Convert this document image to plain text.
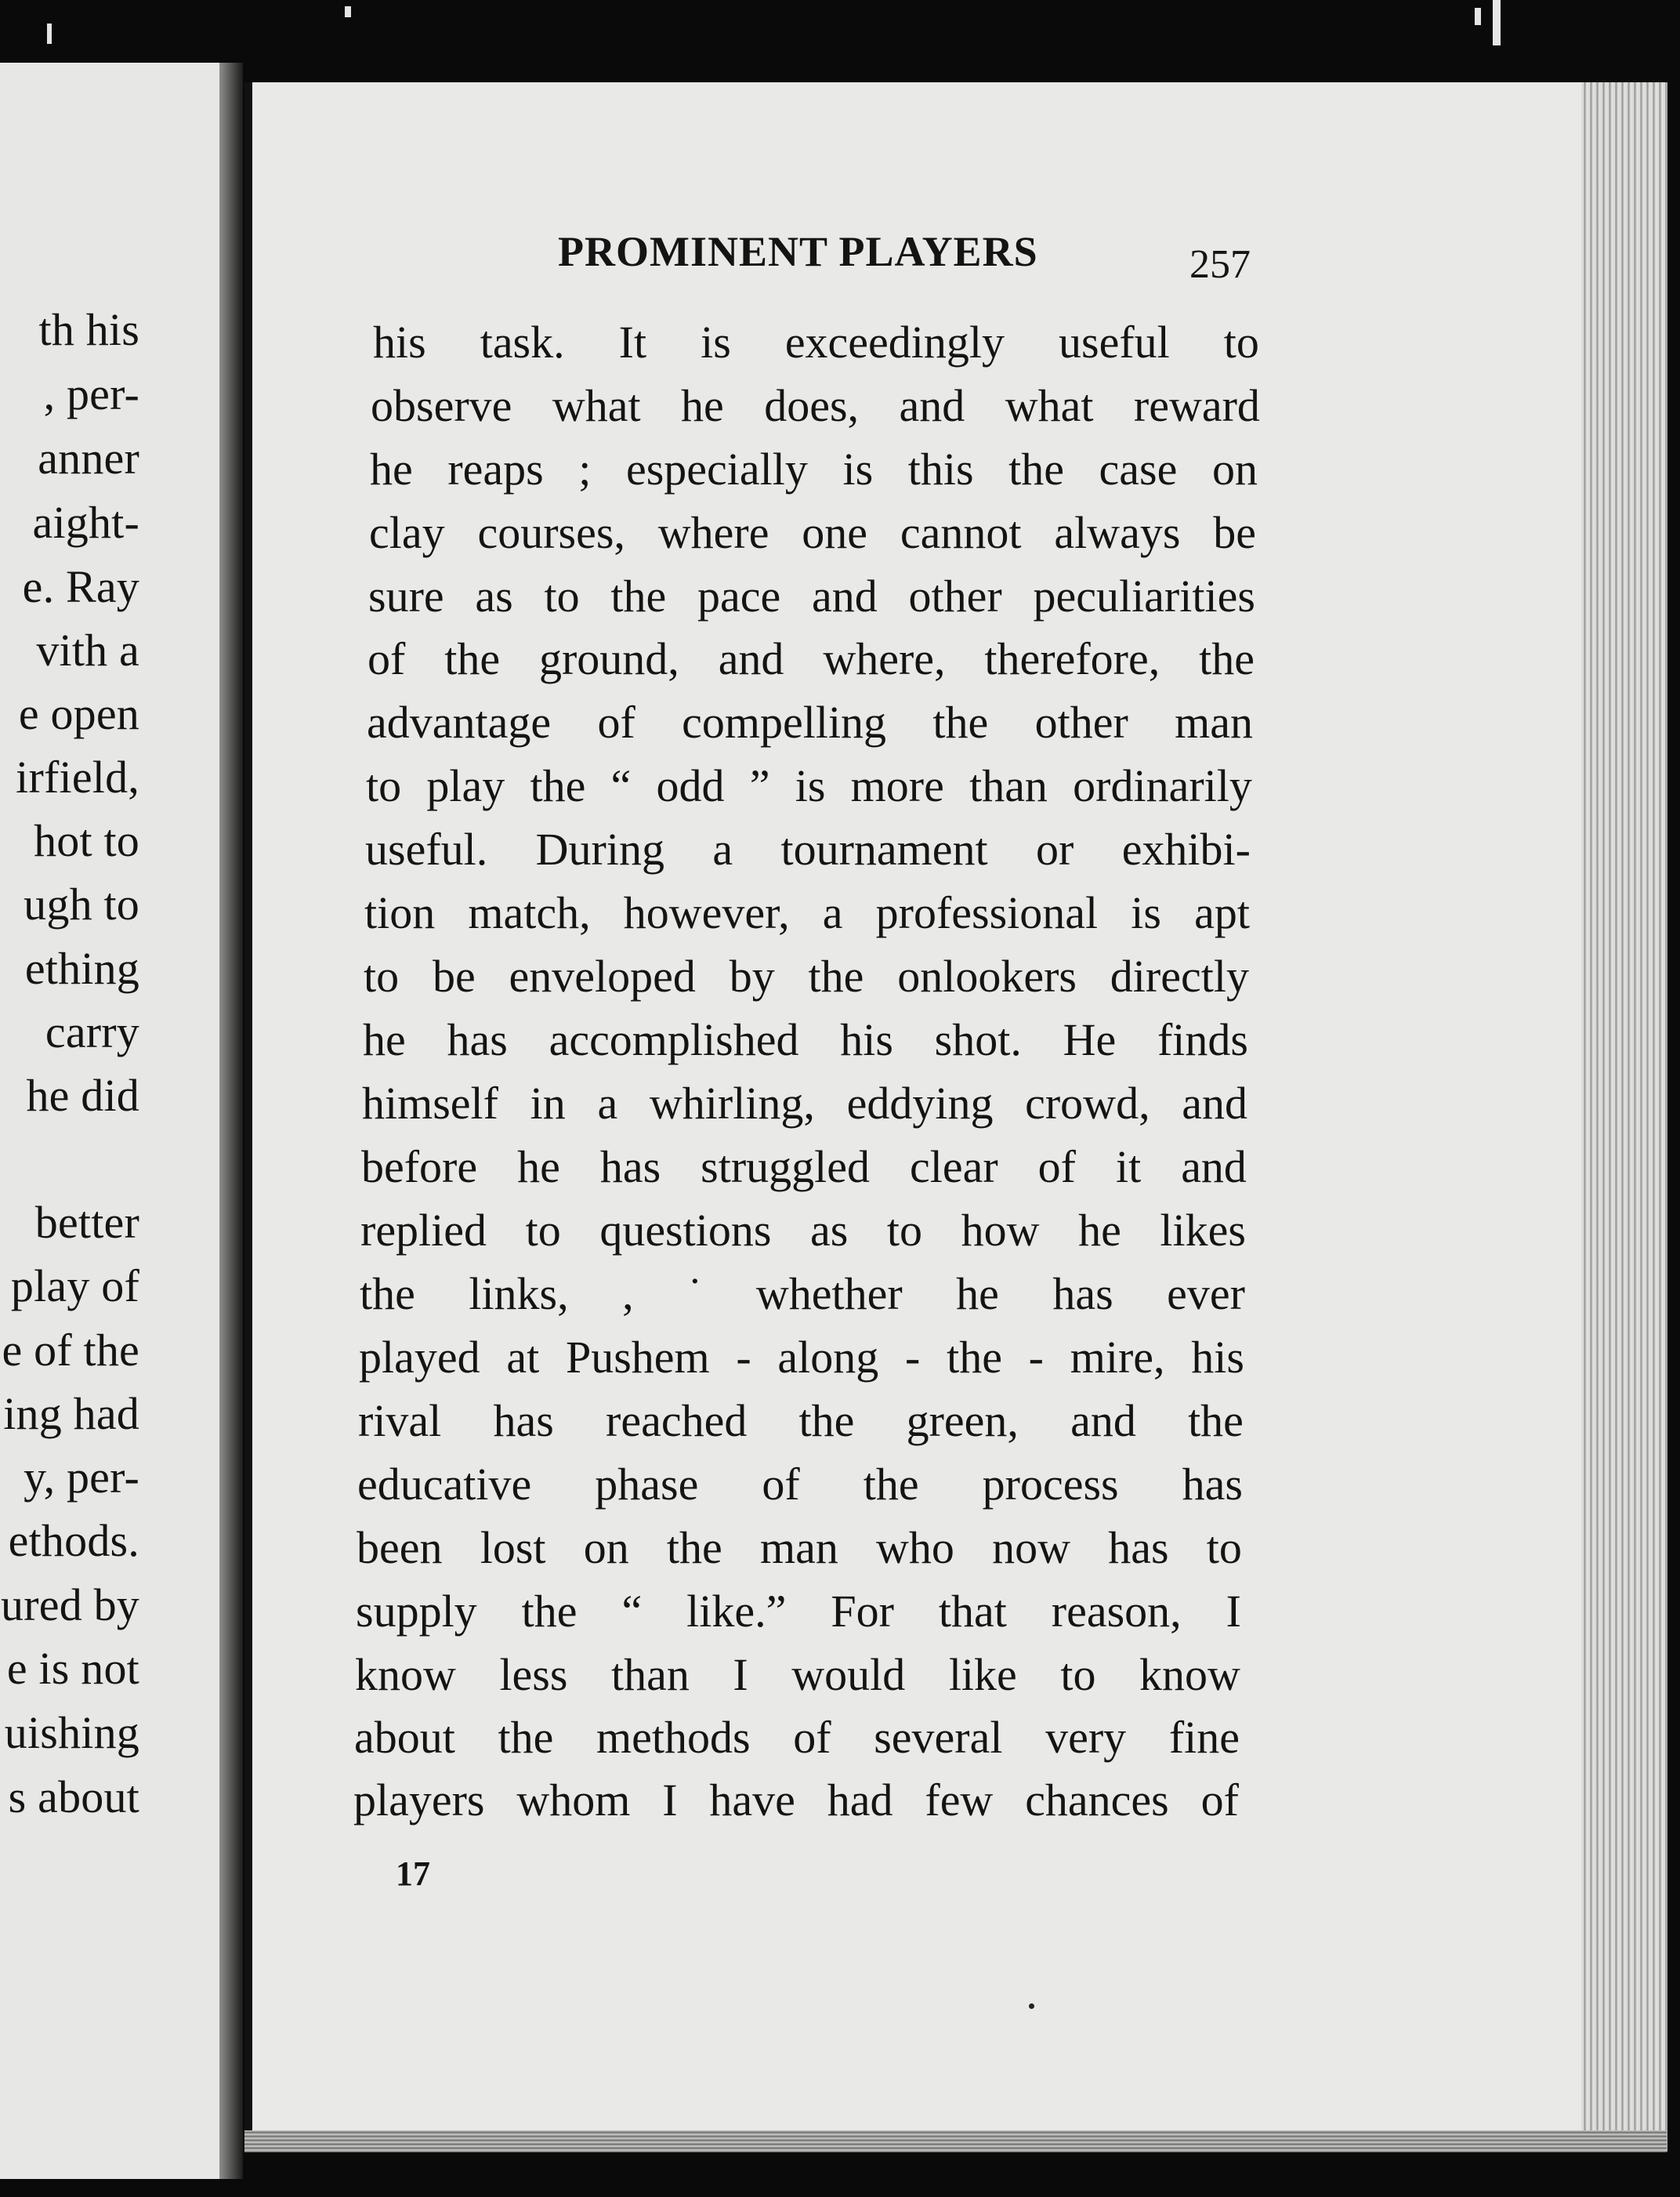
PROMINENT PLAYERS	257
his task. It is exceedingly useful to
observe what he does, and what reward
he reaps ; especially is this the case on
clay courses, where one cannot always be
sure as to the pace and other peculiarities
of the ground, and where, therefore, the
advantage of compelling the other man
to play the “ odd ” is more than ordinarily
useful. During a tournament or exhibi-
tion match, however, a professional is apt
to be enveloped by the onlookers directly
he has accomplished his shot. He finds
himself in a whirling, eddying crowd, and
before he has struggled clear of it and
replied to questions as to how he likes
the links, , ˙ whether he has ever
played at Pushem - along - the - mire, his
rival has reached the green, and the
educative phase of the process has
been lost on the man who now has to
supply the “ like.” For that reason, I
know less than I would like to know
about the methods of several very fine
players whom I have had few chances of
th his
, per-
anner
aight-
e. Ray
vith a
e open
irfield,
hot to
ugh to
ething
carry
he did
better
play of
e of the
ing had
y, per-
ethods.
ured by
e is not
uishing
s about
17
